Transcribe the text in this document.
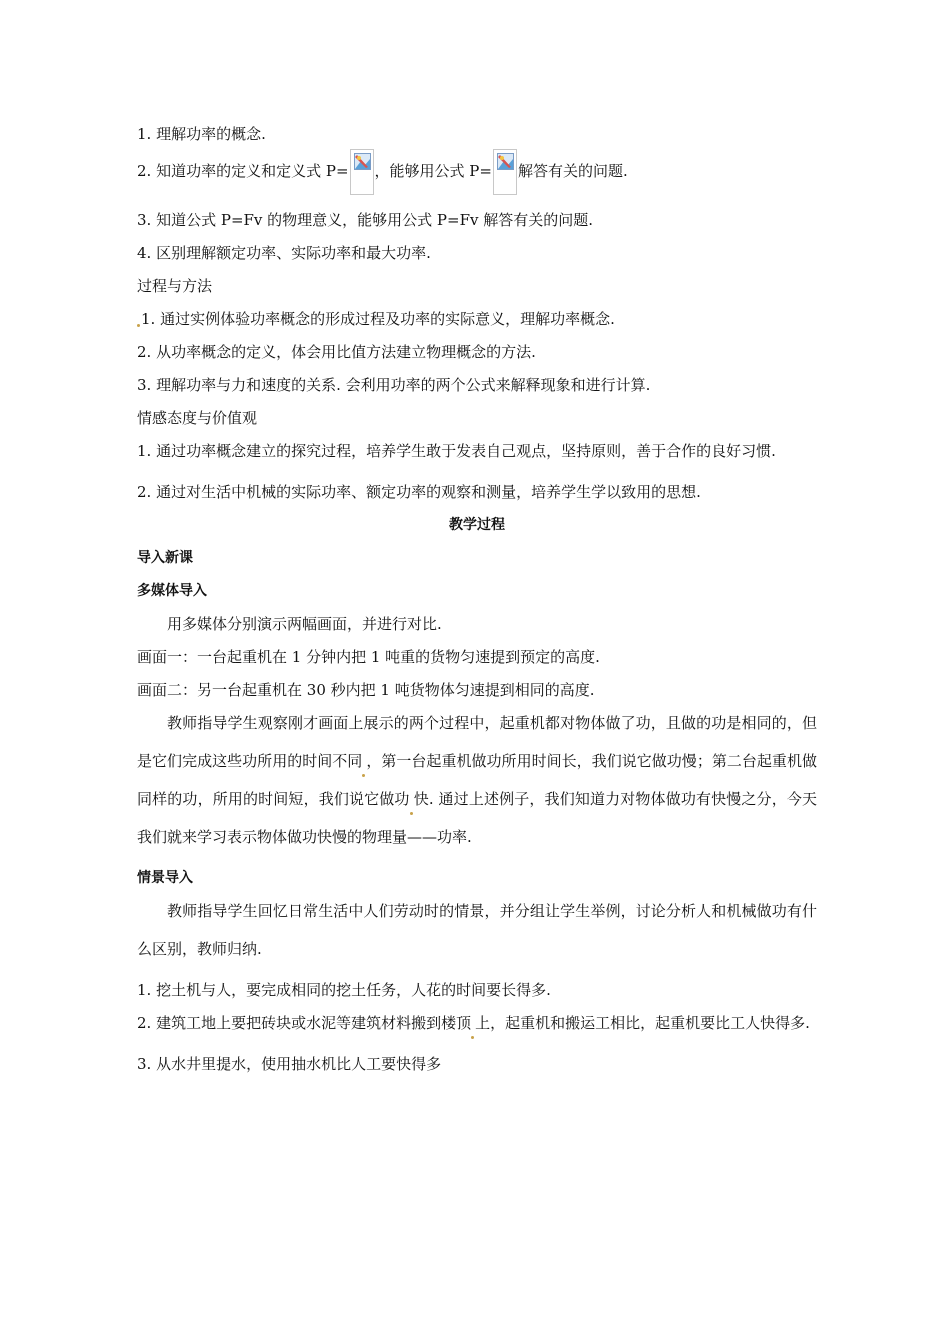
1. 理解功率的概念.
2. 知道功率的定义和定义式 P= ，能够用公式 P= 解答有关的问题.
3. 知道公式 P=Fv 的物理意义，能够用公式 P=Fv 解答有关的问题.
4. 区别理解额定功率、实际功率和最大功率.
过程与方法
1. 通过实例体验功率概念的形成过程及功率的实际意义，理解功率概念.
2. 从功率概念的定义，体会用比值方法建立物理概念的方法.
3. 理解功率与力和速度的关系. 会利用功率的两个公式来解释现象和进行计算.
情感态度与价值观
1. 通过功率概念建立的探究过程，培养学生敢于发表自己观点，坚持原则，善于合作的良好习惯.
2. 通过对生活中机械的实际功率、额定功率的观察和测量，培养学生学以致用的思想.
教学过程
导入新课
多媒体导入
用多媒体分别演示两幅画面，并进行对比.
画面一：一台起重机在 1 分钟内把 1 吨重的货物匀速提到预定的高度.
画面二：另一台起重机在 30 秒内把 1 吨货物体匀速提到相同的高度.
教师指导学生观察刚才画面上展示的两个过程中，起重机都对物体做了功，且做的功是相同的，但是它们完成这些功所用的时间不同 ，第一台起重机做功所用时间长，我们说它做功慢；第二台起重机做同样的功，所用的时间短，我们说它做功 快. 通过上述例子，我们知道力对物体做功有快慢之分，今天我们就来学习表示物体做功快慢的物理量——功率.
情景导入
教师指导学生回忆日常生活中人们劳动时的情景，并分组让学生举例，讨论分析人和机械做功有什么区别，教师归纳.
1. 挖土机与人，要完成相同的挖土任务，人花的时间要长得多.
2. 建筑工地上要把砖块或水泥等建筑材料搬到楼顶 上，起重机和搬运工相比，起重机要比工人快得多.
3. 从水井里提水，使用抽水机比人工要快得多
